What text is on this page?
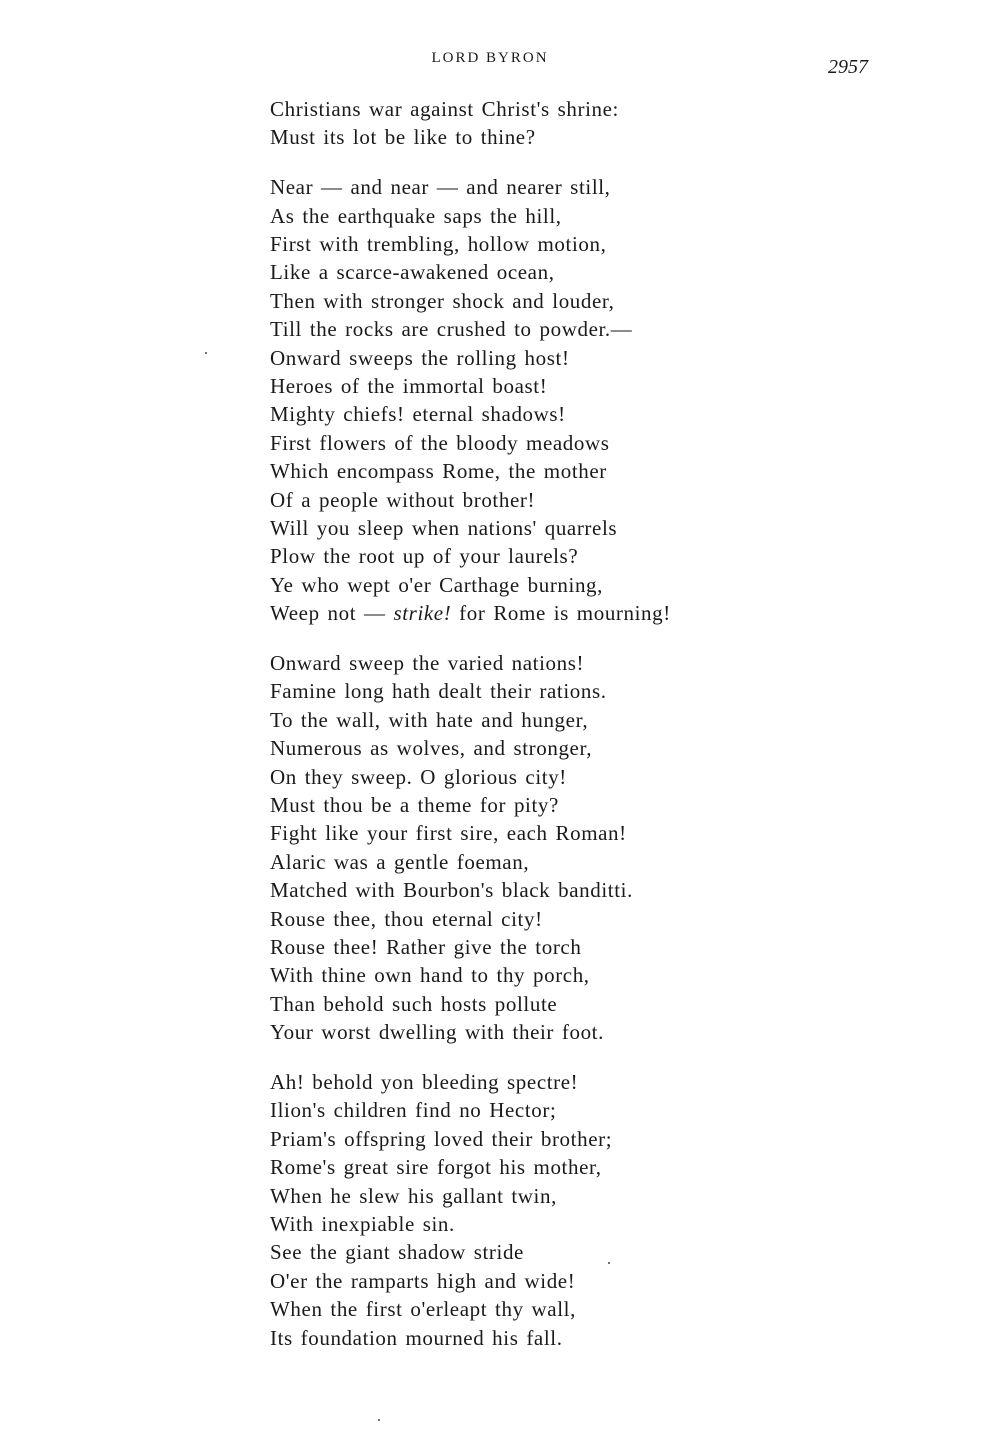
LORD BYRON	2957
Christians war against Christ's shrine:
Must its lot be like to thine?
Near — and near — and nearer still,
As the earthquake saps the hill,
First with trembling, hollow motion,
Like a scarce-awakened ocean,
Then with stronger shock and louder,
Till the rocks are crushed to powder.—
Onward sweeps the rolling host!
Heroes of the immortal boast!
Mighty chiefs! eternal shadows!
First flowers of the bloody meadows
Which encompass Rome, the mother
Of a people without brother!
Will you sleep when nations' quarrels
Plow the root up of your laurels?
Ye who wept o'er Carthage burning,
Weep not — strike! for Rome is mourning!
Onward sweep the varied nations!
Famine long hath dealt their rations.
To the wall, with hate and hunger,
Numerous as wolves, and stronger,
On they sweep. O glorious city!
Must thou be a theme for pity?
Fight like your first sire, each Roman!
Alaric was a gentle foeman,
Matched with Bourbon's black banditti.
Rouse thee, thou eternal city!
Rouse thee! Rather give the torch
With thine own hand to thy porch,
Than behold such hosts pollute
Your worst dwelling with their foot.
Ah! behold yon bleeding spectre!
Ilion's children find no Hector;
Priam's offspring loved their brother;
Rome's great sire forgot his mother,
When he slew his gallant twin,
With inexpiable sin.
See the giant shadow stride
O'er the ramparts high and wide!
When the first o'erleapt thy wall,
Its foundation mourned his fall.
